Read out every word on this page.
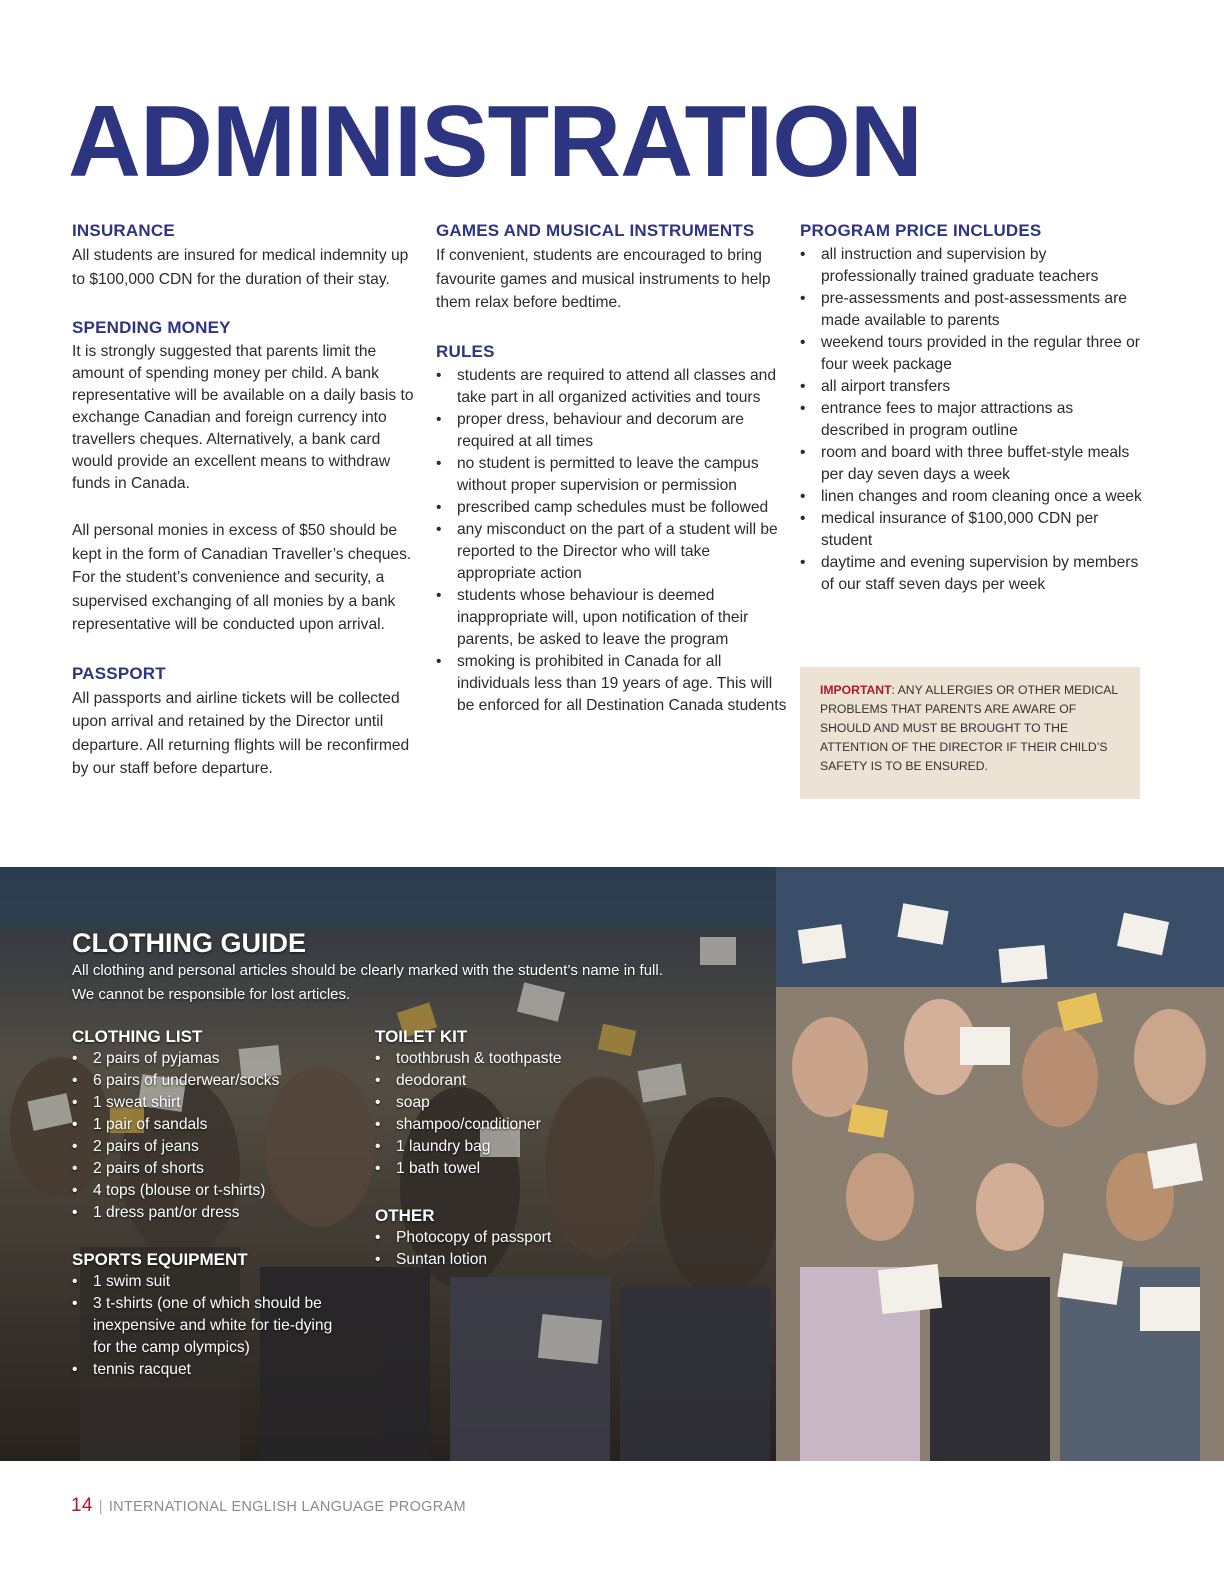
ADMINISTRATION
INSURANCE

All students are insured for medical indemnity up to $100,000 CDN for the duration of their stay.

SPENDING MONEY

It is strongly suggested that parents limit the amount of spending money per child. A bank representative will be available on a daily basis to exchange Canadian and foreign currency into travellers cheques. Alternatively, a bank card would provide an excellent means to withdraw funds in Canada.

All personal monies in excess of $50 should be kept in the form of Canadian Traveller’s cheques. For the student’s convenience and security, a supervised exchanging of all monies by a bank representative will be conducted upon arrival.

PASSPORT

All passports and airline tickets will be collected upon arrival and retained by the Director until departure. All returning flights will be reconfirmed by our staff before departure.

GAMES AND MUSICAL INSTRUMENTS

If convenient, students are encouraged to bring favourite games and musical instruments to help them relax before bedtime.

RULES
• students are required to attend all classes and take part in all organized activities and tours
• proper dress, behaviour and decorum are required at all times
• no student is permitted to leave the campus without proper supervision or permission
• prescribed camp schedules must be followed
• any misconduct on the part of a student will be reported to the Director who will take appropriate action
• students whose behaviour is deemed inappropriate will, upon notification of their parents, be asked to leave the program
• smoking is prohibited in Canada for all individuals less than 19 years of age. This will be enforced for all Destination Canada students
PROGRAM PRICE INCLUDES
• all instruction and supervision by professionally trained graduate teachers
• pre-assessments and post-assessments are made available to parents
• weekend tours provided in the regular three or four week package
• all airport transfers
• entrance fees to major attractions as described in program outline
• room and board with three buffet-style meals per day seven days a week
• linen changes and room cleaning once a week
• medical insurance of $100,000 CDN per student
• daytime and evening supervision by members of our staff seven days per week
IMPORTANT: ANY ALLERGIES OR OTHER MEDICAL PROBLEMS THAT PARENTS ARE AWARE OF SHOULD AND MUST BE BROUGHT TO THE ATTENTION OF THE DIRECTOR IF THEIR CHILD’S SAFETY IS TO BE ENSURED.
CLOTHING GUIDE

All clothing and personal articles should be clearly marked with the student’s name in full.

We cannot be responsible for lost articles.

CLOTHING LIST
• 2 pairs of pyjamas
• 6 pairs of underwear/socks
• 1 sweat shirt
• 1 pair of sandals
• 2 pairs of jeans
• 2 pairs of shorts
• 4 tops (blouse or t-shirts)
• 1 dress pant/or dress
SPORTS EQUIPMENT
• 1 swim suit
• 3 t-shirts (one of which should be inexpensive and white for tie-dying for the camp olympics)
• tennis racquet
TOILET KIT
• toothbrush & toothpaste
• deodorant
• soap
• shampoo/conditioner
• 1 laundry bag
• 1 bath towel
OTHER
• Photocopy of passport
• Suntan lotion
14 | INTERNATIONAL ENGLISH LANGUAGE PROGRAM
